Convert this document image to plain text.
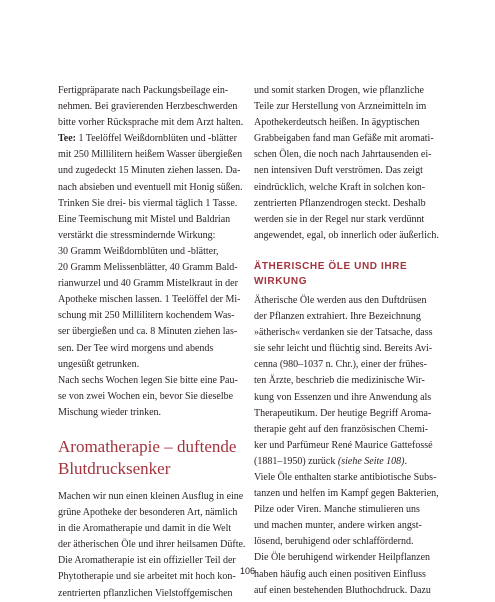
Fertigpräparate nach Packungsbeilage ein-
nehmen. Bei gravierenden Herzbeschwerden
bitte vorher Rücksprache mit dem Arzt halten.
Tee: 1 Teelöffel Weißdornblüten und -blätter
mit 250 Millilitern heißem Wasser übergießen
und zugedeckt 15 Minuten ziehen lassen. Da-
nach absieben und eventuell mit Honig süßen.
Trinken Sie drei- bis viermal täglich 1 Tasse.
Eine Teemischung mit Mistel und Baldrian
verstärkt die stressmindernde Wirkung:
30 Gramm Weißdornblüten und -blätter,
20 Gramm Melissenblätter, 40 Gramm Bald-
rianwurzel und 40 Gramm Mistelkraut in der
Apotheke mischen lassen. 1 Teelöffel der Mi-
schung mit 250 Millilitern kochendem Was-
ser übergießen und ca. 8 Minuten ziehen las-
sen. Der Tee wird morgens und abends
ungesüßt getrunken.
Nach sechs Wochen legen Sie bitte eine Pau-
se von zwei Wochen ein, bevor Sie dieselbe
Mischung wieder trinken.
Aromatherapie – duftende
Blutdrucksenker
Machen wir nun einen kleinen Ausflug in eine
grüne Apotheke der besonderen Art, nämlich
in die Aromatherapie und damit in die Welt
der ätherischen Öle und ihrer heilsamen Düfte.
Die Aromatherapie ist ein offizieller Teil der
Phytotherapie und sie arbeitet mit hoch kon-
zentrierten pflanzlichen Vielstoffgemischen
und somit starken Drogen, wie pflanzliche
Teile zur Herstellung von Arzneimitteln im
Apothekerdeutsch heißen. In ägyptischen
Grabbeigaben fand man Gefäße mit aromati-
schen Ölen, die noch nach Jahrtausenden ei-
nen intensiven Duft verströmen. Das zeigt
eindrücklich, welche Kraft in solchen kon-
zentrierten Pflanzendrogen steckt. Deshalb
werden sie in der Regel nur stark verdünnt
angewendet, egal, ob innerlich oder äußerlich.
ÄTHERISCHE ÖLE UND IHRE
WIRKUNG
Ätherische Öle werden aus den Duftdrüsen
der Pflanzen extrahiert. Ihre Bezeichnung
»ätherisch« verdanken sie der Tatsache, dass
sie sehr leicht und flüchtig sind. Bereits Avi-
cenna (980–1037 n. Chr.), einer der frühes-
ten Ärzte, beschrieb die medizinische Wir-
kung von Essenzen und ihre Anwendung als
Therapeutikum. Der heutige Begriff Aroma-
therapie geht auf den französischen Chemi-
ker und Parfümeur René Maurice Gattefossé
(1881–1950) zurück (siehe Seite 108).
Viele Öle enthalten starke antibiotische Subs-
tanzen und helfen im Kampf gegen Bakterien,
Pilze oder Viren. Manche stimulieren uns
und machen munter, andere wirken angst-
lösend, beruhigend oder schlaffördernd.
Die Öle beruhigend wirkender Heilpflanzen
haben häufig auch einen positiven Einfluss
auf einen bestehenden Bluthochdruck. Dazu
106
